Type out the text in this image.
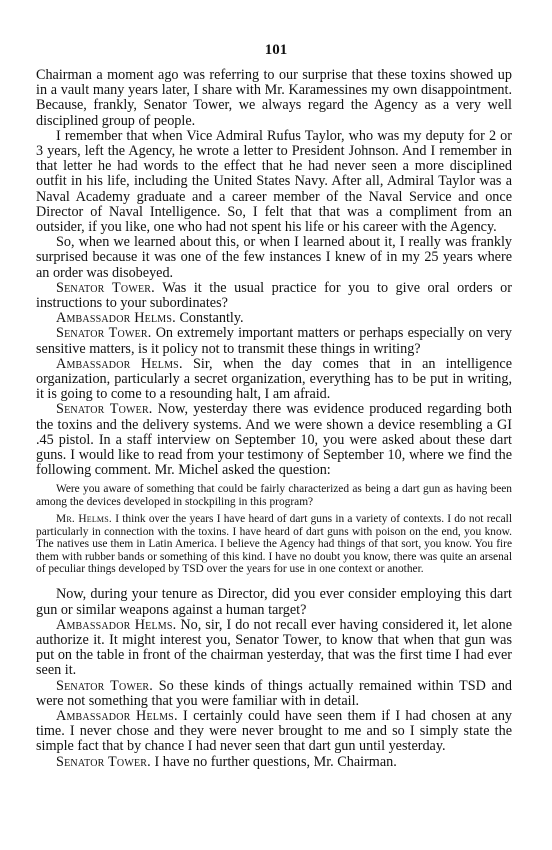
101

Chairman a moment ago was referring to our surprise that these toxins showed up in a vault many years later, I share with Mr. Karamessines my own disappointment. Because, frankly, Senator Tower, we always regard the Agency as a very well disciplined group of people.

I remember that when Vice Admiral Rufus Taylor, who was my deputy for 2 or 3 years, left the Agency, he wrote a letter to President Johnson. And I remember in that letter he had words to the effect that he had never seen a more disciplined outfit in his life, including the United States Navy. After all, Admiral Taylor was a Naval Academy graduate and a career member of the Naval Service and once Director of Naval Intelligence. So, I felt that that was a compliment from an outsider, if you like, one who had not spent his life or his career with the Agency.

So, when we learned about this, or when I learned about it, I really was frankly surprised because it was one of the few instances I knew of in my 25 years where an order was disobeyed.

Senator Tower. Was it the usual practice for you to give oral orders or instructions to your subordinates?

Ambassador Helms. Constantly.

Senator Tower. On extremely important matters or perhaps especially on very sensitive matters, is it policy not to transmit these things in writing?

Ambassador Helms. Sir, when the day comes that in an intelligence organization, particularly a secret organization, everything has to be put in writing, it is going to come to a resounding halt, I am afraid.

Senator Tower. Now, yesterday there was evidence produced regarding both the toxins and the delivery systems. And we were shown a device resembling a GI .45 pistol. In a staff interview on September 10, you were asked about these dart guns. I would like to read from your testimony of September 10, where we find the following comment. Mr. Michel asked the question:

Were you aware of something that could be fairly characterized as being a dart gun as having been among the devices developed in stockpiling in this program?

Mr. Helms. I think over the years I have heard of dart guns in a variety of contexts. I do not recall particularly in connection with the toxins. I have heard of dart guns with poison on the end, you know. The natives use them in Latin America. I believe the Agency had things of that sort, you know. You fire them with rubber bands or something of this kind. I have no doubt you know, there was quite an arsenal of peculiar things developed by TSD over the years for use in one context or another.

Now, during your tenure as Director, did you ever consider employing this dart gun or similar weapons against a human target?

Ambassador Helms. No, sir, I do not recall ever having considered it, let alone authorize it. It might interest you, Senator Tower, to know that when that gun was put on the table in front of the chairman yesterday, that was the first time I had ever seen it.

Senator Tower. So these kinds of things actually remained within TSD and were not something that you were familiar with in detail.

Ambassador Helms. I certainly could have seen them if I had chosen at any time. I never chose and they were never brought to me and so I simply state the simple fact that by chance I had never seen that dart gun until yesterday.

Senator Tower. I have no further questions, Mr. Chairman.
